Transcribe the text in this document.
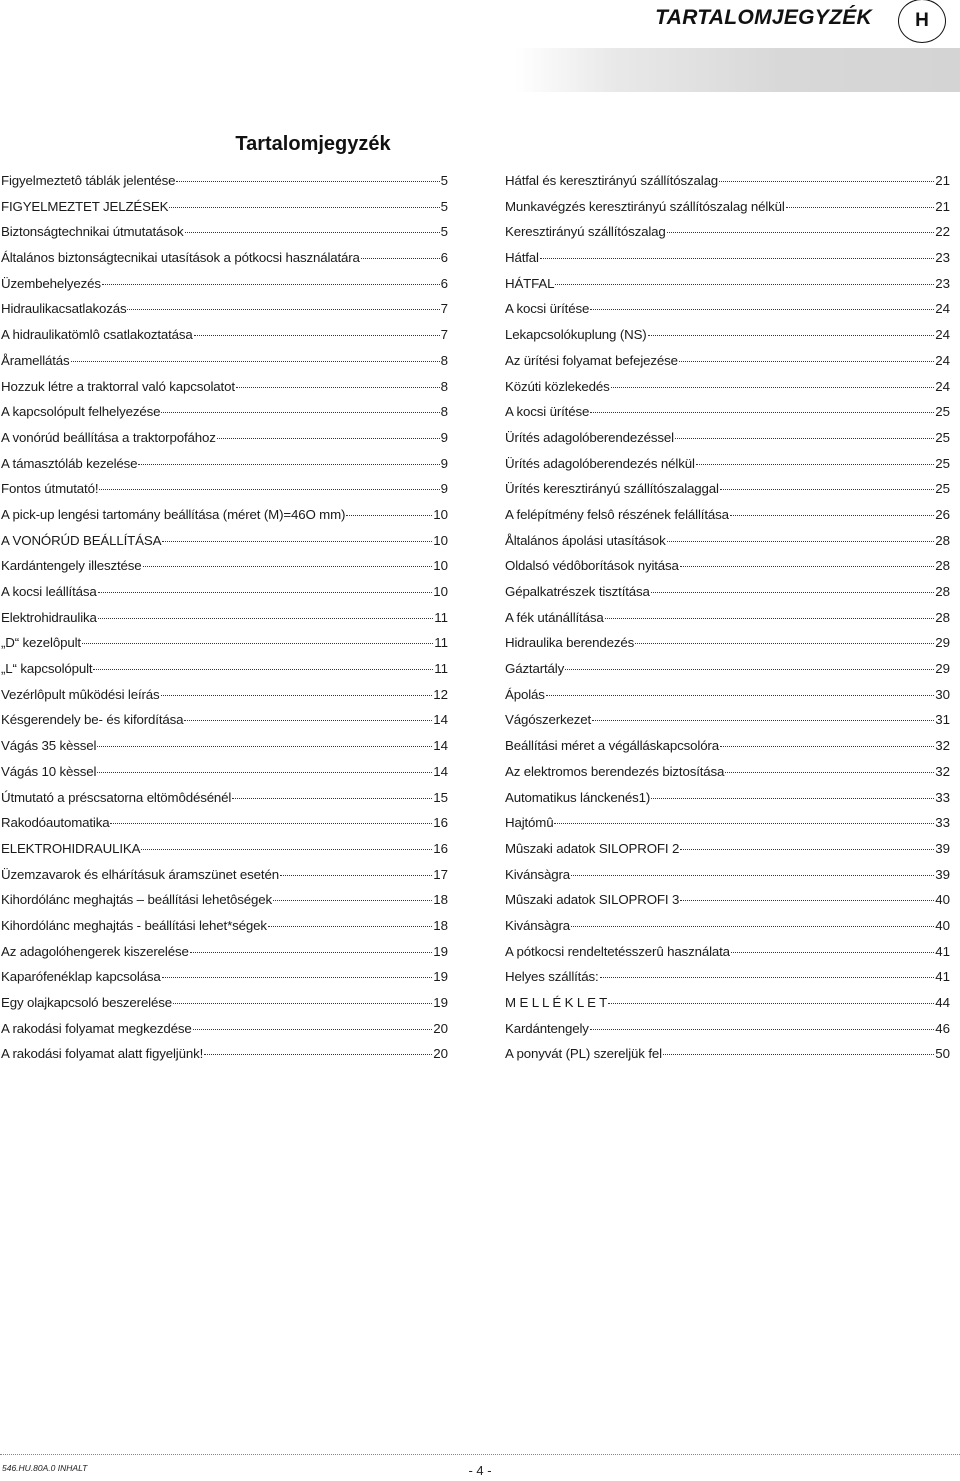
TARTALOMJEGYZÉK H
Tartalomjegyzék
Figyelmeztetô táblák jelentése	5
FIGYELMEZTET JELZÉSEK	5
Biztonságtechnikai útmutatások	5
Általános biztonságtecnikai utasítások a pótkocsi használatára	6
Üzembehelyezés	6
Hidraulikacsatlakozás	7
A hidraulikatömlô csatlakoztatása	7
Åramellátás	8
Hozzuk létre a traktorral való kapcsolatot	8
A kapcsolópult felhelyezése	8
A vonórúd beállítása a traktorpofához	9
A támasztóláb kezelése	9
Fontos útmutató!	9
A pick-up lengési tartomány beállítása (méret (M)=46O mm)	10
A VONÓRÚD BEÁLLÍTÁSA	10
Kardántengely illesztése	10
A kocsi leállítása	10
Elektrohidraulika	11
„D“ kezelôpult	11
„L“ kapcsolópult	11
Vezérlôpult mûködési leírás	12
Késgerendely be- és kifordítása	14
Vágás 35 kèssel	14
Vágás 10 kèssel	14
Útmutató a préscsatorna eltömôdésénél	15
Rakodóautomatika	16
ELEKTROHIDRAULIKA	16
Üzemzavarok és elhárításuk áramszünet esetén	17
Kihordólánc meghajtás – beállítási lehetôségek	18
Kihordólánc meghajtás - beállítási lehet*ségek	18
Az adagolóhengerek kiszerelése	19
Kaparófenéklap kapcsolása	19
Egy olajkapcsoló beszerelése	19
A rakodási folyamat megkezdése	20
A rakodási folyamat alatt figyeljünk!	20
Hátfal és keresztirányú szállítószalag	21
Munkavégzés keresztirányú szállítószalag nélkül	21
Keresztirányú szállítószalag	22
Hátfal	23
HÁTFAL	23
A kocsi ürítése	24
Lekapcsolókuplung (NS)	24
Az ürítési folyamat befejezése	24
Közúti közlekedés	24
A kocsi ürítése	25
Ürítés adagolóberendezéssel	25
Ürítés adagolóberendezés nélkül	25
Ürítés keresztirányú szállítószalaggal	25
A felépítmény felsô részének felállítása	26
Åltalános ápolási utasítások	28
Oldalsó védôborítások nyitása	28
Gépalkatrészek tisztítása	28
A fék utánállítása	28
Hidraulika berendezés	29
Gáztartály	29
Ápolás	30
Vágószerkezet	31
Beállítási méret a végálláskapcsolóra	32
Az elektromos berendezés biztosítása	32
Automatikus lánckenés1)	33
Hajtómû	33
Mûszaki adatok SILOPROFI 2	39
Kivánsàgra	39
Mûszaki adatok SILOPROFI 3	40
Kivánsàgra	40
A pótkocsi rendeltetésszerû használata	41
Helyes szállítás:	41
M E L L É K L E T	44
Kardántengely	46
A ponyvát (PL) szereljük fel	50
546.HU.80A.0 INHALT	- 4 -
